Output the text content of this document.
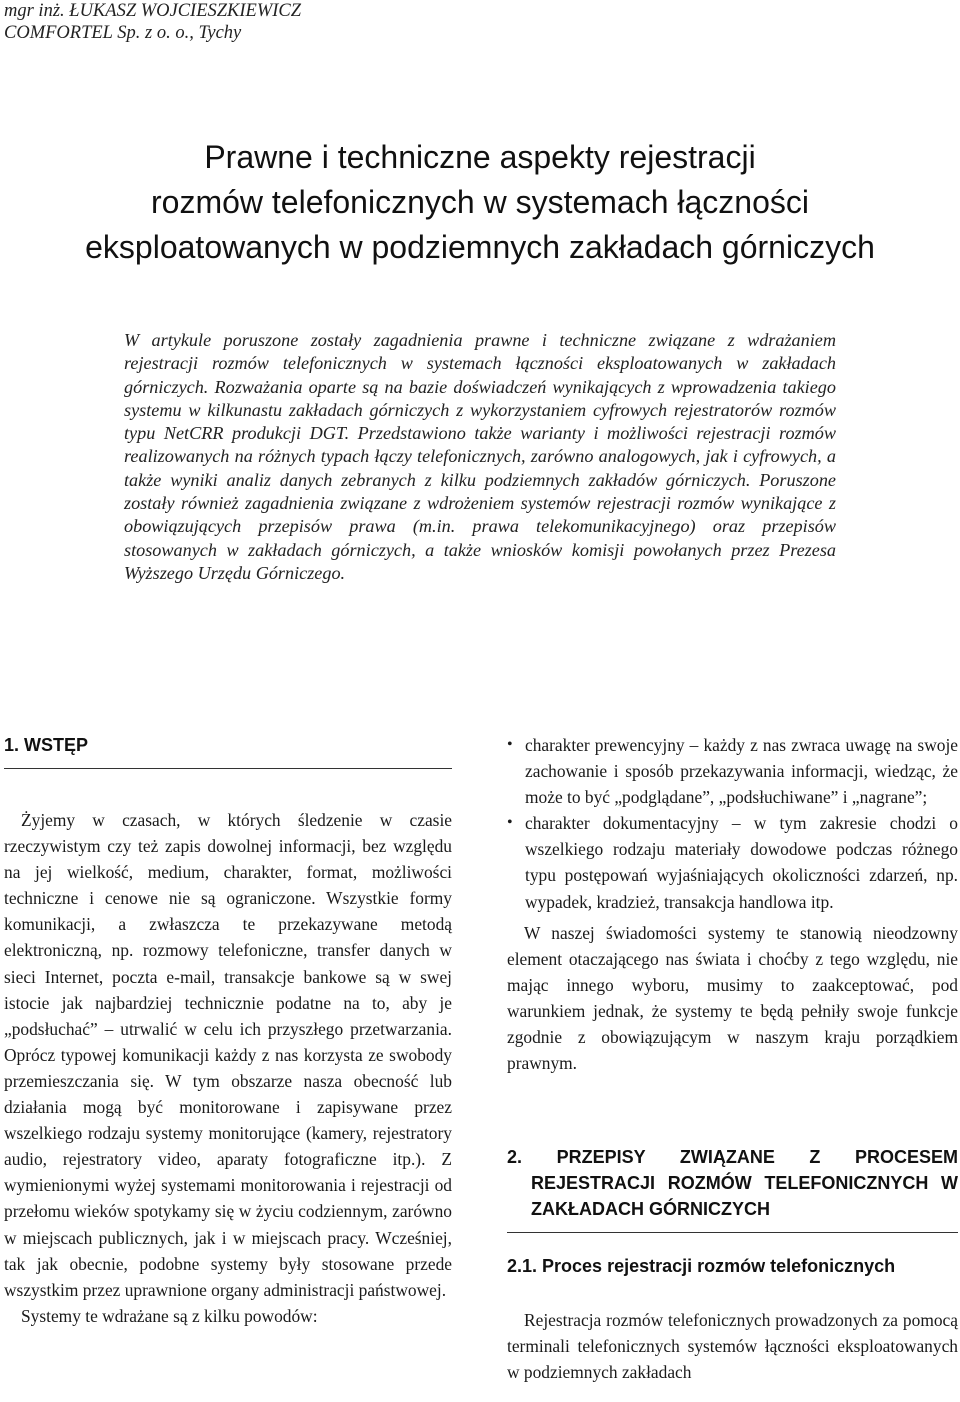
mgr inż. ŁUKASZ WOJCIESZKIEWICZ
COMFORTEL Sp. z o. o., Tychy
Prawne i techniczne aspekty rejestracji
rozmów telefonicznych w systemach łączności
eksploatowanych w podziemnych zakładach górniczych
W artykule poruszone zostały zagadnienia prawne i techniczne związane z wdrażaniem rejestracji rozmów telefonicznych w systemach łączności eksploatowanych w zakładach górniczych. Rozważania oparte są na bazie doświadczeń wynikających z wprowadzenia takiego systemu w kilkunastu zakładach górniczych z wykorzystaniem cyfrowych rejestratorów rozmów typu NetCRR produkcji DGT. Przedstawiono także warianty i możliwości rejestracji rozmów realizowanych na różnych typach łączy telefonicznych, zarówno analogowych, jak i cyfrowych, a także wyniki analiz danych zebranych z kilku podziemnych zakładów górniczych. Poruszone zostały również zagadnienia związane z wdrożeniem systemów rejestracji rozmów wynikające z obowiązujących przepisów prawa (m.in. prawa telekomunikacyjnego) oraz przepisów stosowanych w zakładach górniczych, a także wniosków komisji powołanych przez Prezesa Wyższego Urzędu Górniczego.
1. WSTĘP

Żyjemy w czasach, w których śledzenie w czasie rzeczywistym czy też zapis dowolnej informacji, bez względu na jej wielkość, medium, charakter, format, możliwości techniczne i cenowe nie są ograniczone. Wszystkie formy komunikacji, a zwłaszcza te przekazywane metodą elektroniczną, np. rozmowy telefoniczne, transfer danych w sieci Internet, poczta e-mail, transakcje bankowe są w swej istocie jak najbardziej technicznie podatne na to, aby je „podsłuchać” – utrwalić w celu ich przyszłego przetwarzania. Oprócz typowej komunikacji każdy z nas korzysta ze swobody przemieszczania się. W tym obszarze nasza obecność lub działania mogą być monitorowane i zapisywane przez wszelkiego rodzaju systemy monitorujące (kamery, rejestratory audio, rejestratory video, aparaty fotograficzne itp.). Z wymienionymi wyżej systemami monitorowania i rejestracji od przełomu wieków spotykamy się w życiu codziennym, zarówno w miejscach publicznych, jak i w miejscach pracy. Wcześniej, tak jak obecnie, podobne systemy były stosowane przede wszystkim przez uprawnione organy administracji państwowej.

Systemy te wdrażane są z kilku powodów:

• charakter prewencyjny – każdy z nas zwraca uwagę na swoje zachowanie i sposób przekazywania informacji, wiedząc, że może to być „podglądane”, „podsłuchiwane” i „nagrane”;
• charakter dokumentacyjny – w tym zakresie chodzi o wszelkiego rodzaju materiały dowodowe podczas różnego typu postępowań wyjaśniających okoliczności zdarzeń, np. wypadek, kradzież, transakcja handlowa itp.

W naszej świadomości systemy te stanowią nieodzowny element otaczającego nas świata i choćby z tego względu, nie mając innego wyboru, musimy to zaakceptować, pod warunkiem jednak, że systemy te będą pełniły swoje funkcje zgodnie z obowiązującym w naszym kraju porządkiem prawnym.

2. PRZEPISY ZWIĄZANE Z PROCESEM REJESTRACJI ROZMÓW TELEFONICZNYCH W ZAKŁADACH GÓRNICZYCH
2.1. Proces rejestracji rozmów telefonicznych

Rejestracja rozmów telefonicznych prowadzonych za pomocą terminali telefonicznych systemów łączności eksploatowanych w podziemnych zakładach
